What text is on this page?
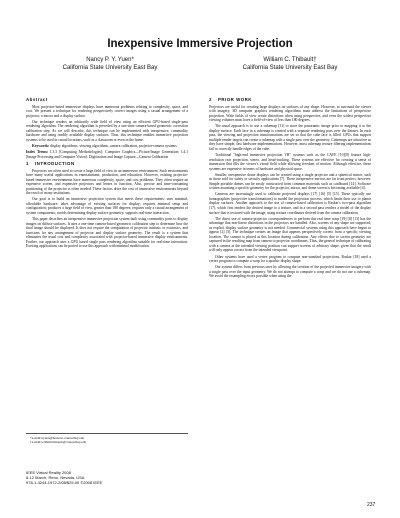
Inexpensive Immersive Projection
Nancy P. Y. Yuen*
California State University East Bay
William C. Thibault†
California State University East Bay
Abstract

Most projector-based immersive displays have numerous problems relating to complexity, space, and cost. We present a technique for rendering perspectively correct images using a casual arrangement of a projector, a mirror and a display surface.

Our technique renders an arbitrarily wide field of view using an efficient GPU-based single-pass rendering algorithm. The rendering algorithm is preceded by a one-time camera-based geometric correction calibration step. As we will describe, this technique can be implemented with inexpensive, commodity hardware and using readily available display surfaces. Thus, this technique enables immersive projection systems to be used in casual locations, such as a classroom or even in the home.

Keywords: display algorithms, viewing algorithms, camera calibration, projector-camera systems

Index Terms: I.3.3 [Computing Methodologies]: Computer Graphics—Picture/Image Generation; I.4.1 [Image Processing and Computer Vision]: Digitization and Image Capture—Camera Calibration

1 INTRODUCTION

Projectors are often used to create a large field of view in an immersive environment. Such environments have many useful applications in entertainment, production, and education. However, existing projector-based immersive environments have numerous complexity, space, and cost problems. They often require an expensive screen, and expensive projectors and lenses to function. Also, precise and time-consuming positioning of the projector is often needed. These factors drive the cost of immersive environments beyond the reach of many institutions.

Our goal is to build an immersive projection system that meets these requirements: uses minimal, affordable hardware; takes advantage of existing surfaces for display; requires minimal setup and configuration; produces a large field of view, greater than 180 degrees; requires only a casual arrangement of system components; avoids determining display surface geometry; supports real-time interaction.

This paper describes an inexpensive immersive projection system built using commodity parts to display images on diffuse surfaces. It uses a one-time camera-based geometric calibration step to determine how the final image should be displayed. It does not require the computation of projector intrinsic or extrinsics, and functions for any arrangement of projector and display surface geometry. The result is a system that eliminates the usual cost and complexity associated with projector-based immersive display environments. Further, our approach uses a GPU based single pass rendering algorithm suitable for real-time interaction. Existing applications can be ported to use this approach with minimal modification.

2 PRIOR WORK

Projectors are useful for creating large displays on surfaces of any shape. However, to surround the viewer with imagery, 3D computer graphics rendering algorithms must address the limitations of perspective projection. Wide fields of view create distortions when using perspective, and even the widest perspective viewing volumes must have a field-of-view of less than 180 degrees.

The usual approach is to use a cubemap [11] to store the panoramic image prior to mapping it to the display surface. Each face in a cubemap is created with a separate rendering pass over the dataset. In each pass, the viewing and projection transformations are set so that the cube face is filled. GPUs that support multiple render targets can create a cubemap with a single pass over the geometry. Cubemaps are attractive as they have simple, fast hardware implementations. However, most cubemap texture filtering implementations fail to correctly handle edges of the cube.

Traditional "high-end immersive projection VR" systems such as the CAVE [10][9] feature high-resolution rear projection, stereo, and head-tracking. These systems are effective for creating a sense of immersion that fills the viewer's visual field while allowing freedom of motion. Although effective, these systems are expensive in terms of hardware and physical space.

Smaller, inexpensive dome displays can be created using a single projector and a spherical mirror, such as those sold for safety or security applications [7]. These inexpensive mirrors are far from perfect, however. Simple portable domes can be easily constructed from common materials such as cardboard [14]. Software written assuming a specific geometry for the projector, mirror, and dome screen is becoming available [4].

Cameras are increasingly used to calibrate projected displays [17] [16] [5] [15]. These typically use homographies (projective transformations) to model the projection process, which limits their use to planar display surfaces. Another approach to the use of camera-based calibration is Raskar's two-pass algorithm [17], which first renders the desired image to a texture, and in a second pass renders a model of the display surface that is textured with the image, using texture coordinates derived from the camera calibration.

The direct use of camera-projector correspondences to perform this real time warp [19] [8] [13] has the advantage that non-linear distortions in the projectors are handled. Also, screens of any shape are supported, as explicit display surface geometry is not needed. Commercial systems using this approach have begun to appear [2] [3]. The technique creates an image that appears perspectively correct from a specific viewing location. The camera is placed at this location during calibration. Any effects due to screen geometry are captured in the resulting map from camera to projector coordinates. Thus, the general technique of calibrating with a camera at the intended viewing position can support screens of arbitrary shape, given that the result will only appear correct from the intended viewpoint.

Other systems have used a vertex program to compute non-standard projections. Raskar [18] used a vertex program to compute a warp for a quadric display shape.

Our system differs from previous ones by allowing the creation of the projected immersive imagery with a single pass over the input geometry. We do not attempt to compute a warp and we do not use a cubemap. We avoid the resampling errors possible when using the

*e-mail:nyuen@horizon.csueastbay.edu
†e-mail:william.thibault@csueastbay.edu
IEEE Virtual Reality 2008
8-12 March, Reno, Nevada, USA
978-1-4244-1972-2/08/$25.00 ©2008 IEEE
237
